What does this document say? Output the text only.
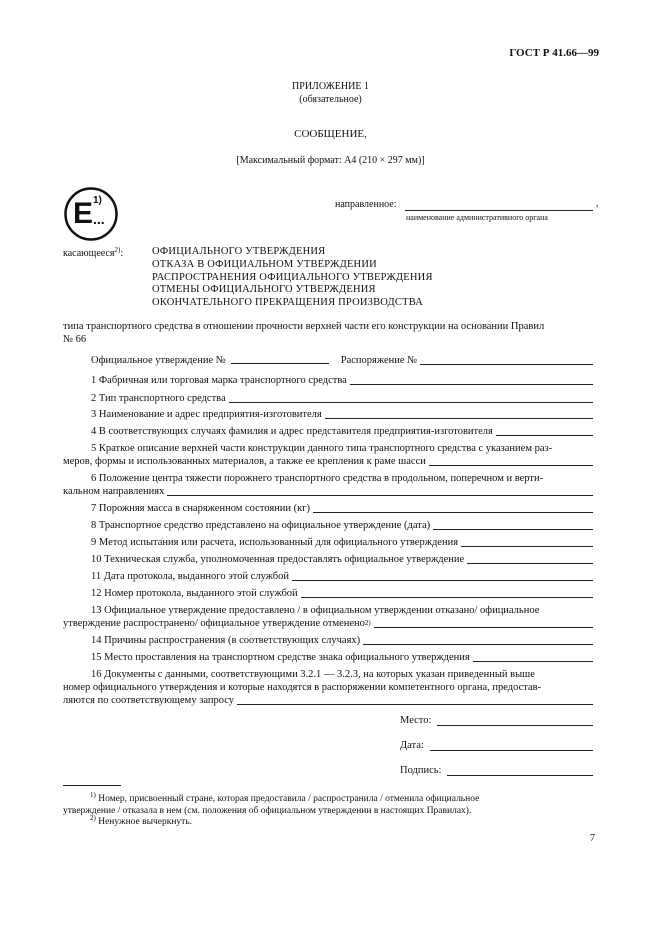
ГОСТ Р 41.66—99
ПРИЛОЖЕНИЕ 1
(обязательное)
СООБЩЕНИЕ,
[Максимальный формат: А4 (210 × 297 мм)]
E 1)
...
направленное:	,
наименование административного органа
касающееся$^{2)}$:	ОФИЦИАЛЬНОГО УТВЕРЖДЕНИЯ
ОТКАЗА В ОФИЦИАЛЬНОМ УТВЕРЖДЕНИИ
РАСПРОСТРАНЕНИЯ ОФИЦИАЛЬНОГО УТВЕРЖДЕНИЯ
ОТМЕНЫ ОФИЦИАЛЬНОГО УТВЕРЖДЕНИЯ
ОКОНЧАТЕЛЬНОГО ПРЕКРАЩЕНИЯ ПРОИЗВОДСТВА
типа транспортного средства в отношении прочности верхней части его конструкции на основании Правил
№ 66
Официальное утверждение №	Распоряжение №
1 Фабричная или торговая марка транспортного средства
2 Тип транспортного средства
3 Наименование и адрес предприятия-изготовителя
4 В соответствующих случаях фамилия и адрес представителя предприятия-изготовителя
5 Краткое описание верхней части конструкции данного типа транспортного средства с указанием раз-
меров, формы и использованных материалов, а также ее крепления к раме шасси
6 Положение центра тяжести порожнего транспортного средства в продольном, поперечном и верти-
кальном направлениях
7 Порожняя масса в снаряженном состоянии (кг)
8 Транспортное средство представлено на официальное утверждение (дата)
9 Метод испытания или расчета, использованный для официального утверждения
10 Техническая служба, уполномоченная предоставлять официальное утверждение
11 Дата протокола, выданного этой службой
12 Номер протокола, выданного этой службой
13 Официальное утверждение предоставлено / в официальном утверждении отказано/ официальное
утверждение распространено/ официальное утверждение отменено 2)
14 Причины распространения (в соответствующих случаях)
15 Место проставления на транспортном средстве знака официального утверждения
16 Документы с данными, соответствующими 3.2.1 — 3.2.3, на которых указан приведенный выше
номер официального утверждения и которые находятся в распоряжении компетентного органа, предостав-
ляются по соответствующему запросу
Место:
Дата:
Подпись:
$^{1)}$ Номер, присвоенный стране, которая предоставила / распространила / отменила официальное
утверждение / отказала в нем (см. положения об официальном утверждении в настоящих Правилах).
$^{2)}$ Ненужное вычеркнуть.
7
